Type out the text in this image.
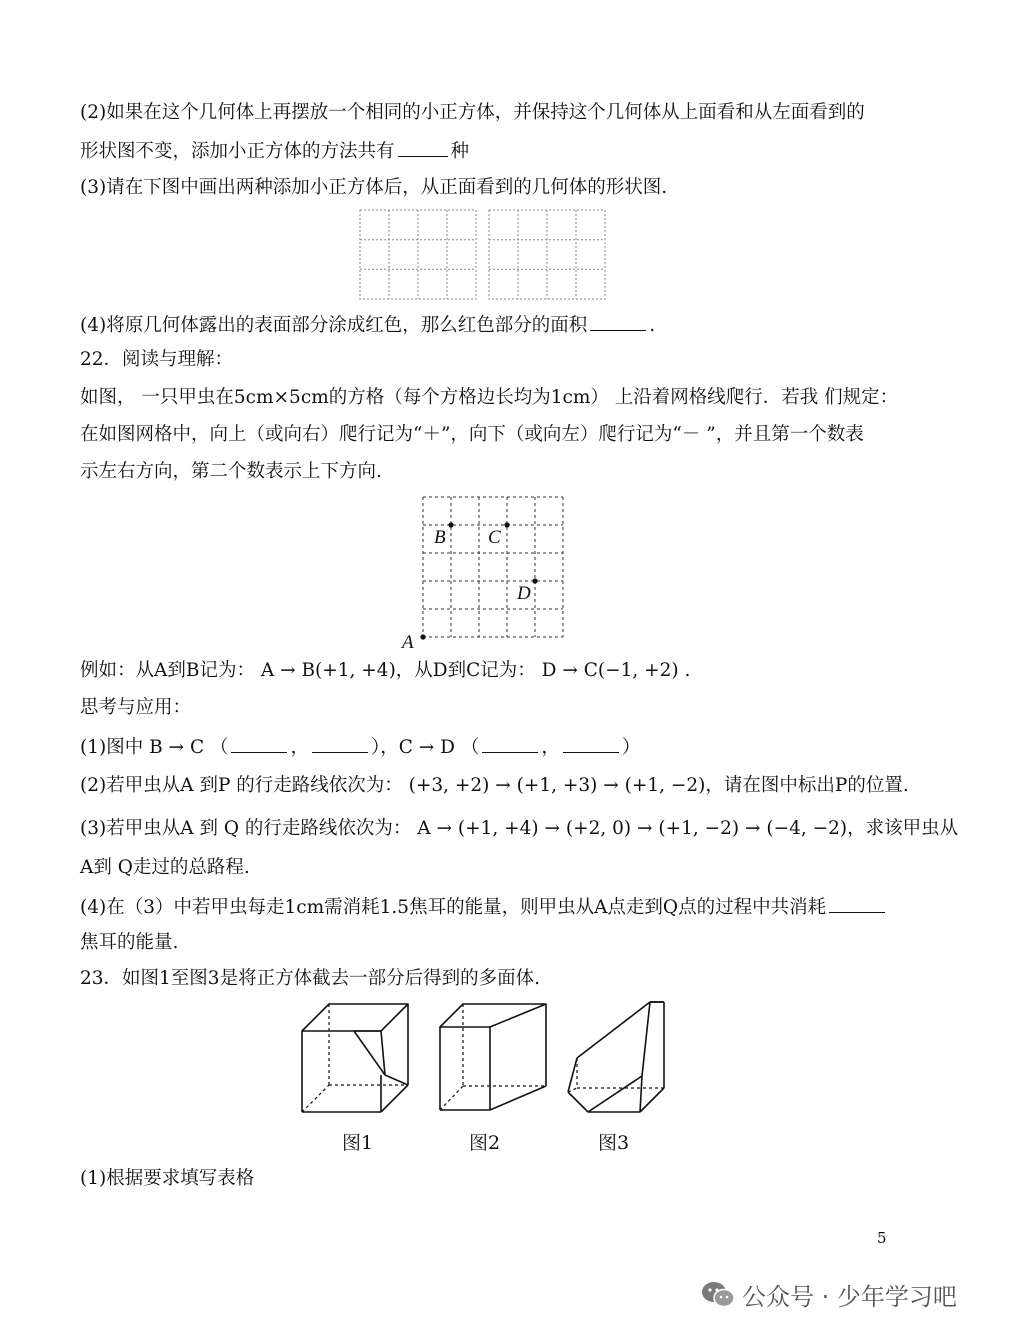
(2)如果在这个几何体上再摆放一个相同的小正方体，并保持这个几何体从上面看和从左面看到的

形状图不变，添加小正方体的方法共有	种

(3)请在下图中画出两种添加小正方体后，从正面看到的几何体的形状图.

(4)将原几何体露出的表面部分涂成红色，那么红色部分的面积	.

22．阅读与理解：

如图， 一只甲虫在5cm×5cm的方格（每个方格边长均为1cm） 上沿着网格线爬行．若我 们规定：

在如图网格中，向上（或向右）爬行记为“＋”，向下（或向左）爬行记为“－ ”，并且第一个数表

示左右方向，第二个数表示上下方向.

A
B C
D

例如：从A到B记为： A → B(+1, +4)，从D到C记为： D → C(−1, +2) .

思考与应用：

(1)图中 B → C （	，	），C → D （	，	）

(2)若甲虫从A 到P 的行走路线依次为： (+3, +2) → (+1, +3) → (+1, −2)，请在图中标出P的位置.

(3)若甲虫从A 到 Q 的行走路线依次为： A → (+1, +4) → (+2, 0) → (+1, −2) → (−4, −2)，求该甲虫从

A到 Q走过的总路程.

(4)在（3）中若甲虫每走1cm需消耗1.5焦耳的能量，则甲虫从A点走到Q点的过程中共消耗

焦耳的能量.

23．如图1至图3是将正方体截去一部分后得到的多面体.

图1	图2	图3

(1)根据要求填写表格

5
公众号 · 少年学习吧
